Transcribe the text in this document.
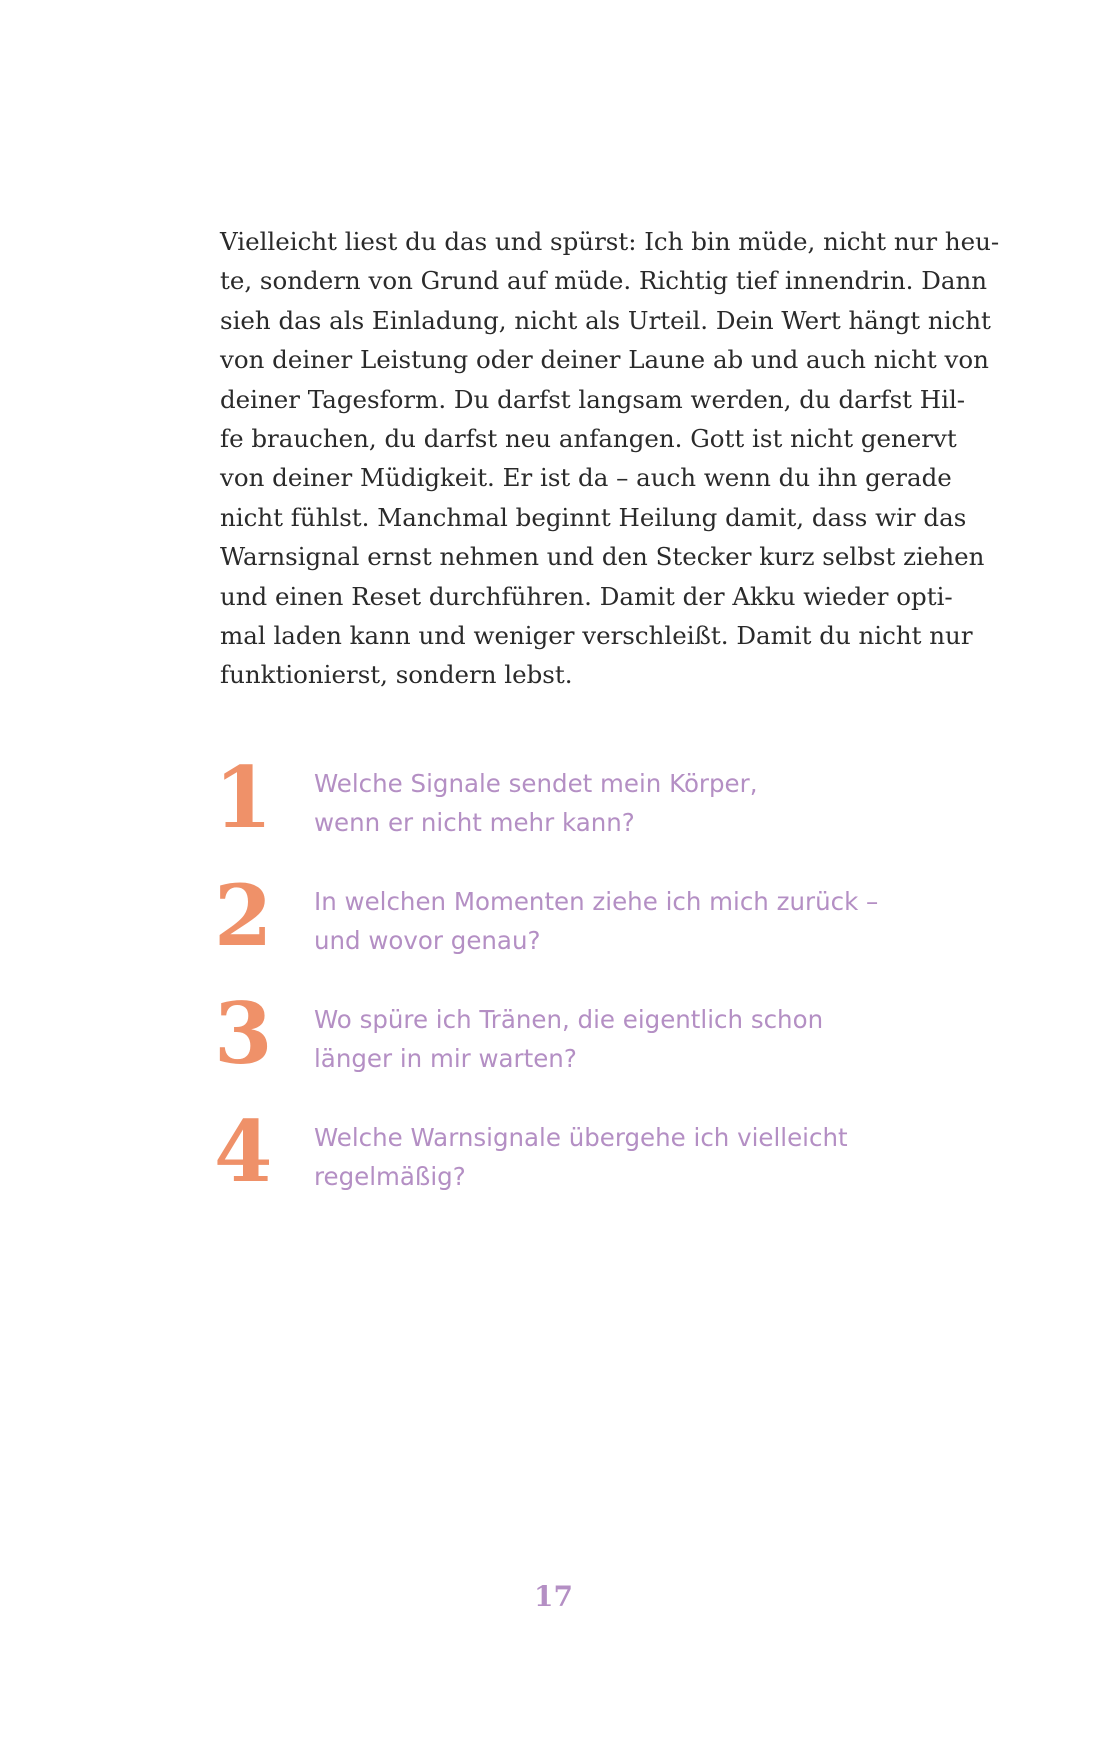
Vielleicht liest du das und spürst: Ich bin müde, nicht nur heu-
te, sondern von Grund auf müde. Richtig tief innendrin. Dann
sieh das als Einladung, nicht als Urteil. Dein Wert hängt nicht
von deiner Leistung oder deiner Laune ab und auch nicht von
deiner Tagesform. Du darfst langsam werden, du darfst Hil-
fe brauchen, du darfst neu anfangen. Gott ist nicht genervt
von deiner Müdigkeit. Er ist da – auch wenn du ihn gerade
nicht fühlst. Manchmal beginnt Heilung damit, dass wir das
Warnsignal ernst nehmen und den Stecker kurz selbst ziehen
und einen Reset durchführen. Damit der Akku wieder opti-
mal laden kann und weniger verschleißt. Damit du nicht nur
funktionierst, sondern lebst.
1	Welche Signale sendet mein Körper,
wenn er nicht mehr kann?
2	In welchen Momenten ziehe ich mich zurück –
und wovor genau?
3	Wo spüre ich Tränen, die eigentlich schon
länger in mir warten?
4	Welche Warnsignale übergehe ich vielleicht
regelmäßig?
17
